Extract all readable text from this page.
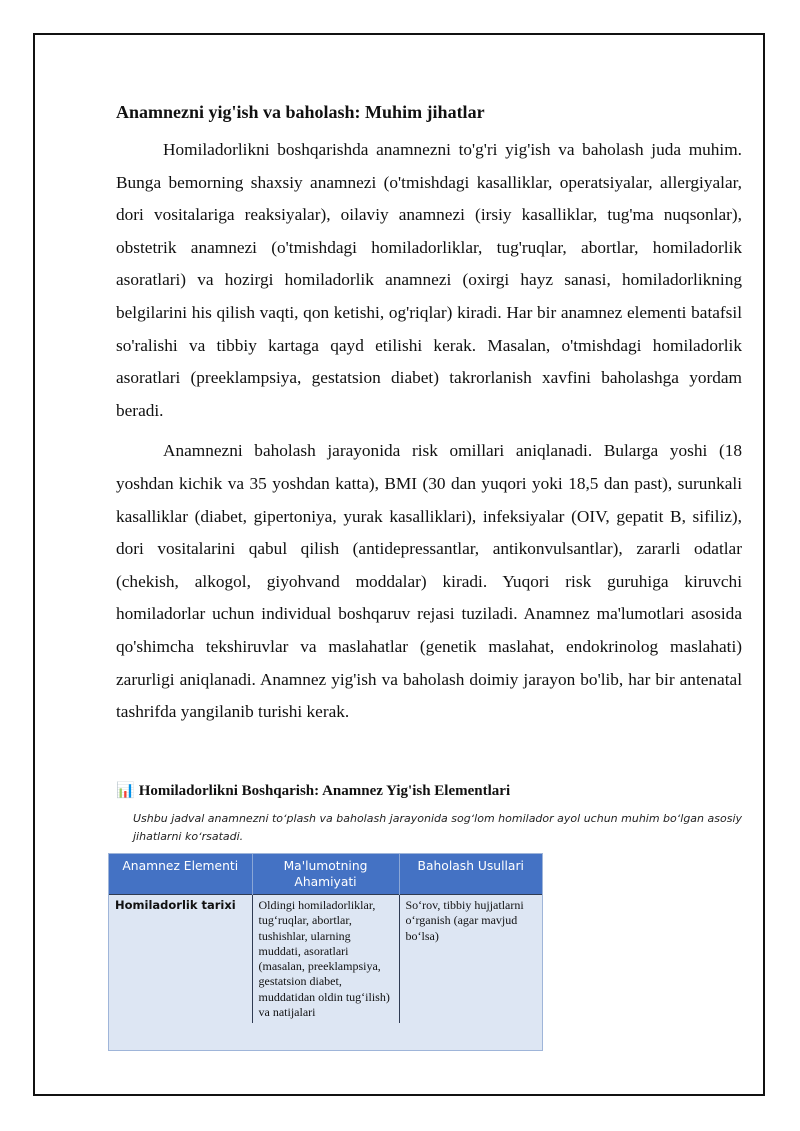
Anamnezni yig'ish va baholash: Muhim jihatlar

Homiladorlikni boshqarishda anamnezni to'g'ri yig'ish va baholash juda muhim. Bunga bemorning shaxsiy anamnezi (o'tmishdagi kasalliklar, operatsiyalar, allergiyalar, dori vositalariga reaksiyalar), oilaviy anamnezi (irsiy kasalliklar, tug'ma nuqsonlar), obstetrik anamnezi (o'tmishdagi homiladorliklar, tug'ruqlar, abortlar, homiladorlik asoratlari) va hozirgi homiladorlik anamnezi (oxirgi hayz sanasi, homiladorlikning belgilarini his qilish vaqti, qon ketishi, og'riqlar) kiradi. Har bir anamnez elementi batafsil so'ralishi va tibbiy kartaga qayd etilishi kerak. Masalan, o'tmishdagi homiladorlik asoratlari (preeklampsiya, gestatsion diabet) takrorlanish xavfini baholashga yordam beradi.

Anamnezni baholash jarayonida risk omillari aniqlanadi. Bularga yoshi (18 yoshdan kichik va 35 yoshdan katta), BMI (30 dan yuqori yoki 18,5 dan past), surunkali kasalliklar (diabet, gipertoniya, yurak kasalliklari), infeksiyalar (OIV, gepatit B, sifiliz), dori vositalarini qabul qilish (antidepressantlar, antikonvulsantlar), zararli odatlar (chekish, alkogol, giyohvand moddalar) kiradi. Yuqori risk guruhiga kiruvchi homiladorlar uchun individual boshqaruv rejasi tuziladi. Anamnez ma'lumotlari asosida qo'shimcha tekshiruvlar va maslahatlar (genetik maslahat, endokrinolog maslahati) zarurligi aniqlanadi. Anamnez yig'ish va baholash doimiy jarayon bo'lib, har bir antenatal tashrifda yangilanib turishi kerak.

📊 Homiladorlikni Boshqarish: Anamnez Yig'ish Elementlari
Ushbu jadval anamnezni toʻplash va baholash jarayonida sogʻlom homilador ayol uchun muhim boʻlgan asosiy jihatlarni koʻrsatadi.
Anamnez Elementi	Ma'lumotning Ahamiyati	Baholash Usullari
Homiladorlik tarixi	Oldingi homiladorliklar, tugʻruqlar, abortlar, tushishlar, ularning muddati, asoratlari (masalan, preeklampsiya, gestatsion diabet, muddatidan oldin tugʻilish) va natijalari	Soʻrov, tibbiy hujjatlarni oʻrganish (agar mavjud boʻlsa)
